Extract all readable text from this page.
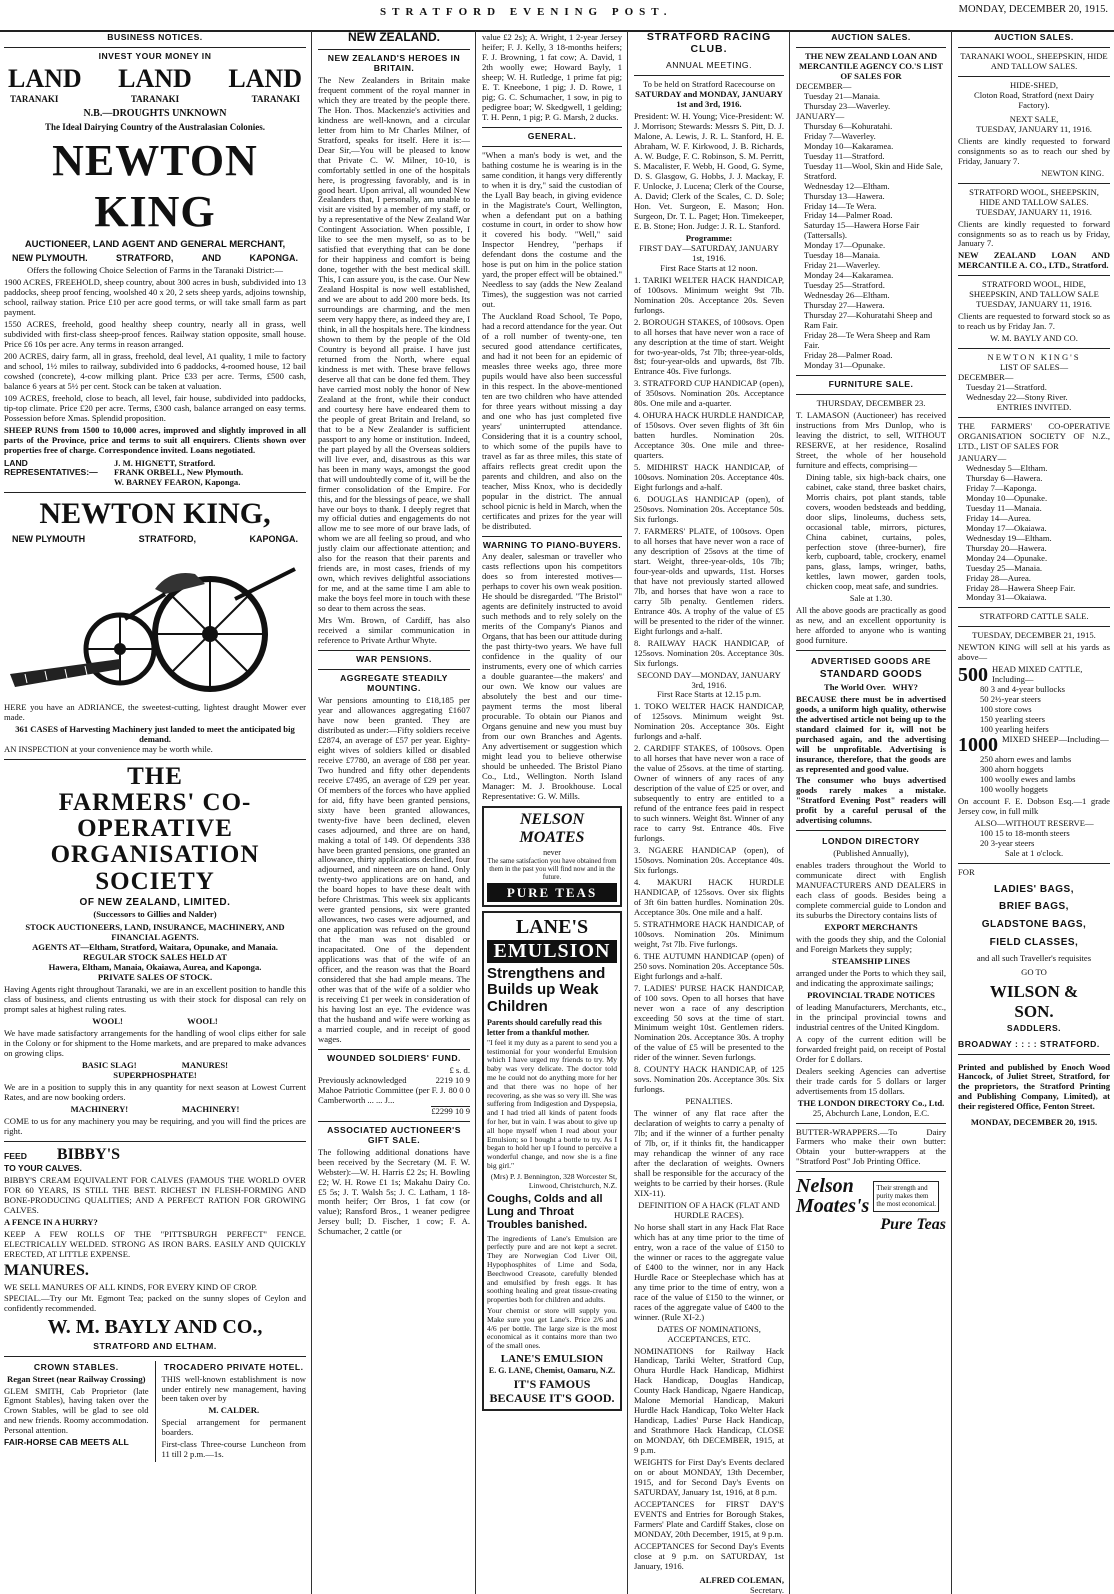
STRATFORD EVENING POST.	MONDAY, DECEMBER 20, 1915.
BUSINESS NOTICES.
INVEST YOUR MONEY IN
LAND LAND LAND
TARANAKI	TARANAKI	TARANAKI
N.B.—DROUGHTS UNKNOWN
The Ideal Dairying Country of the Australasian Colonies.
NEWTON KING
AUCTIONEER, LAND AGENT AND GENERAL MERCHANT,
NEW PLYMOUTH.	STRATFORD,	AND	KAPONGA.
Offers the following Choice Selection of Farms in the Taranaki District:—
1900 ACRES, FREEHOLD, sheep country, about 300 acres in bush, subdivided into 13 paddocks, sheep proof fencing, woolshed 40 x 20, 2 sets sheep yards, adjoins township, school, railway station. Price £10 per acre good terms, or will take small farm as part payment.
1550 ACRES, freehold, good healthy sheep country, nearly all in grass, well subdivided with first-class sheep-proof fences. Railway station opposite, small house. Price £6 10s per acre. Any terms in reason arranged.
200 ACRES, dairy farm, all in grass, freehold, deal level, A1 quality, 1 mile to factory and school, 1½ miles to railway, subdivided into 6 paddocks, 4-roomed house, 12 bail cowshed (concrete), 4-cow milking plant. Price £33 per acre. Terms, £500 cash, balance 6 years at 5½ per cent. Stock can be taken at valuation.
109 ACRES, freehold, close to beach, all level, fair house, subdivided into paddocks, tip-top climate. Price £20 per acre. Terms, £300 cash, balance arranged on easy terms. Possession before Xmas. Splendid proposition.
SHEEP RUNS from 1500 to 10,000 acres, improved and slightly improved in all parts of the Province, price and terms to suit all enquirers. Clients shown over properties free of charge. Correspondence invited. Loans negotiated.
LAND REPRESENTATIVES:—
J. M. HIGNETT, Stratford.
FRANK ORBELL, New Plymouth.
W. BARNEY FEARON, Kaponga.
NEWTON KING,
NEW PLYMOUTH	STRATFORD,	KAPONGA.
HERE you have an ADRIANCE, the sweetest-cutting, lightest draught Mower ever made.
361 CASES of Harvesting Machinery just landed to meet the anticipated big demand.
AN INSPECTION at your convenience may be worth while.
THE
FARMERS' CO-OPERATIVE
ORGANISATION SOCIETY
OF NEW ZEALAND, LIMITED.
(Successors to Gillies and Nalder)
STOCK AUCTIONEERS, LAND, INSURANCE, MACHINERY, AND FINANCIAL AGENTS.
AGENTS AT—Eltham, Stratford, Waitara, Opunake, and Manaia.
REGULAR STOCK SALES HELD AT
Hawera, Eltham, Manaia, Okaiawa, Aurea, and Kaponga.
PRIVATE SALES OF STOCK.
Having Agents right throughout Taranaki, we are in an excellent position to handle this class of business, and clients entrusting us with their stock for disposal can rely on prompt sales at highest ruling rates.
WOOL!                              WOOL!
We have made satisfactory arrangements for the handling of wool clips either for sale in the Colony or for shipment to the Home markets, and are prepared to make advances on growing clips.
BASIC SLAG!                     MANURES!
SUPERPHOSPHATE!
We are in a position to supply this in any quantity for next season at Lowest Current Rates, and are now booking orders.
MACHINERY!                         MACHINERY!
COME to us for any machinery you may be requiring, and you will find the prices are right.
FEED BIBBY'S
TO YOUR CALVES.
BIBBY'S CREAM EQUIVALENT FOR CALVES (FAMOUS THE WORLD OVER FOR 60 YEARS, IS STILL THE BEST. RICHEST IN FLESH-FORMING AND BONE-PRODUCING QUALITIES; AND A PERFECT RATION FOR GROWING CALVES.
A FENCE IN A HURRY?
KEEP A FEW ROLLS OF THE "PITTSBURGH PERFECT" FENCE. ELECTRICALLY WELDED. STRONG AS IRON BARS. EASILY AND QUICKLY ERECTED, AT LITTLE EXPENSE.
MANURES.
WE SELL MANURES OF ALL KINDS, FOR EVERY KIND OF CROP.
SPECIAL.—Try our Mt. Egmont Tea; packed on the sunny slopes of Ceylon and confidently recommended.
W. M. BAYLY AND CO.,
STRATFORD AND ELTHAM.
CROWN STABLES.
Regan Street (near Railway Crossing)
GLEM SMITH, Cab Proprietor (late Egmont Stables), having taken over the Crown Stables, will be glad to see old and new friends. Roomy accommodation. Personal attention.
FAIR-HORSE CAB MEETS ALL
TROCADERO PRIVATE HOTEL.
THIS well-known establishment is now under entirely new management, having been taken over by
M. CALDER.
Special arrangement for permanent boarders.
First-class Three-course Luncheon from 11 till 2 p.m.—1s.
NEW ZEALAND.
NEW ZEALAND'S HEROES IN BRITAIN.
The New Zealanders in Britain make frequent comment of the royal manner in which they are treated by the people there. The Hon. Thos. Mackenzie's activities and kindness are well-known, and a circular letter from him to Mr Charles Milner, of Stratford, speaks for itself. Here it is:—Dear Sir,—You will be pleased to know that Private C. W. Milner, 10-10, is comfortably settled in one of the hospitals here, is progressing favorably, and is in good heart. Upon arrival, all wounded New Zealanders that, I personally, am unable to visit are visited by a member of my staff, or by a representative of the New Zealand War Contingent Association. When possible, I like to see the men myself, so as to be satisfied that everything that can be done for their happiness and comfort is being done, together with the best medical skill. This, I can assure you, is the case. Our New Zealand Hospital is now well established, and we are about to add 200 more beds. Its surroundings are charming, and the men seem very happy there, as indeed they are, I think, in all the hospitals here. The kindness shown to them by the people of the Old Country is beyond all praise. I have just returned from the North, where equal kindness is met with. These brave fellows deserve all that can be done fed them. They have carried most nobly the honor of New Zealand at the front, while their conduct and courtesy here have endeared them to the people of great Britain and Ireland, so that to be a New Zealander is sufficient passport to any home or institution. Indeed, the part played by all the Overseas soldiers will live ever, and, disastrous as this war has been in many ways, amongst the good that will undoubtedly come of it, will be the firmer consolidation of the Empire. For this, and for the blessings of peace, we shall have our boys to thank. I deeply regret that my official duties and engagements do not allow me to see more of our brave lads, of whom we are all feeling so proud, and who justly claim our affectionate attention; and also for the reason that their parents and friends are, in most cases, friends of my own, which revives delightful associations for me, and at the same time I am able to make the boys feel more in touch with these so dear to them across the seas.
Mrs Wm. Brown, of Cardiff, has also received a similar communication in reference to Private Arthur Whyte.
WAR PENSIONS.
AGGREGATE STEADILY MOUNTING.
War pensions amounting to £18,185 per year and allowances aggregating £1607 have now been granted. They are distributed as under:—Fifty soldiers receive £2874, an average of £57 per year. Eighty-eight wives of soldiers killed or disabled receive £7780, an average of £88 per year. Two hundred and fifty other dependents receive £7495, an average of £29 per year. Of members of the forces who have applied for aid, fifty have been granted pensions, sixty have been granted allowances, twenty-five have been declined, eleven cases adjourned, and three are on hand, making a total of 149. Of dependents 338 have been granted pensions, one granted an allowance, thirty applications declined, four adjourned, and nineteen are on hand. Only twenty-two applications are on hand, and the board hopes to have these dealt with before Christmas. This week six applicants were granted pensions, six were granted allowances, two cases were adjourned, and one application was refused on the ground that the man was not disabled or incapacitated. One of the dependent applications was that of the wife of an officer, and the reason was that the Board considered that she had ample means. The other was that of the wife of a soldier who is receiving £1 per week in consideration of his having lost an eye. The evidence was that the husband and wife were working as a married couple, and in receipt of good wages.
WOUNDED SOLDIERS' FUND.
£ s. d.
Previously acknowledged	2219 10 9
Mahoe Patriotic Committee (per F. J. Camberworth ... ... J...
80 0 0
£2299 10 9
ASSOCIATED AUCTIONEER'S GIFT SALE.
The following additional donations have been received by the Secretary (M. F. W. Webster):—W. H. Harris £2 2s; H. Bowling £2; W. H. Rowe £1 1s; Makahu Dairy Co. £5 5s; J. T. Walsh 5s; J. C. Latham, 1 18-month heifer; Orr Bros, 1 fat cow (or value); Ransford Bros., 1 weaner pedigree Jersey bull; D. Fischer, 1 cow; F. A. Schumacher, 2 cattle (or
value £2 2s); A. Wright, 1 2-year Jersey heifer; F. J. Kelly, 3 18-months heifers; F. J. Browning, 1 fat cow; A. David, 1 2th woolly ewe; Howard Bayly, 1 sheep; W. H. Rutledge, 1 prime fat pig; E. T. Kneebone, 1 pig; J. D. Rowe, 1 pig; G. C. Schumacher, 1 sow, in pig to pedigree boar; W. Skedgwell, 1 gelding; T. H. Penn, 1 pig; P. G. Marsh, 2 ducks.
GENERAL.
"When a man's body is wet, and the bathing costume he is wearing is in the same condition, it hangs very differently to when it is dry," said the custodian of the Lyall Bay beach, in giving evidence in the Magistrate's Court, Wellington, when a defendant put on a bathing costume in court, in order to show how it covered his body. "Well," said Inspector Hendrey, "perhaps if defendant dons the costume and the hose is put on him in the police station yard, the proper effect will be obtained." Needless to say (adds the New Zealand Times), the suggestion was not carried out.
The Auckland Road School, Te Popo, had a record attendance for the year. Out of a roll number of twenty-one, ten secured good attendance certificates, and had it not been for an epidemic of measles three weeks ago, three more pupils would have also been successful in this respect. In the above-mentioned ten are two children who have attended for three years without missing a day and one who has just completed five years' uninterrupted attendance. Considering that it is a country school, to which some of the pupils have to travel as far as three miles, this state of affairs reflects great credit upon the parents and children, and also on the teacher, Miss Knox, who is decidedly popular in the district. The annual school picnic is held in March, when the certificates and prizes for the year will be distributed.
WARNING TO PIANO-BUYERS.
Any dealer, salesman or traveller who casts reflections upon his competitors does so from interested motives—perhaps to cover his own weak position. He should be disregarded. "The Bristol" agents are definitely instructed to avoid such methods and to rely solely on the merits of the Company's Pianos and Organs, that has been our attitude during the past thirty-two years. We have full confidence in the quality of our instruments, every one of which carries a double guarantee—the makers' and our own. We know our values are absolutely the best and our time-payment terms the most liberal procurable. To obtain our Pianos and Organs genuine and new you must buy from our own Branches and Agents. Any advertisement or suggestion which might lead you to believe otherwise should be unheeded. The Bristol Piano Co., Ltd., Wellington. North Island Manager: M. J. Brookhouse. Local Representative: G. W. Mills.
NELSON MOATES
never
The same satisfaction you have obtained from them in the past you will find now and in the future.
PURE TEAS
LANE'S
EMULSION
Strengthens and Builds up Weak Children
Parents should carefully read this letter from a thankful mother.
"I feel it my duty as a parent to send you a testimonial for your wonderful Emulsion which I have urged my friends to try. My baby was very delicate. The doctor told me he could not do anything more for her and that there was no hope of her recovering, as she was so very ill. She was suffering from Indigestion and Dyspepsia, and I had tried all kinds of patent foods for her, but in vain. I was about to give up all hope myself when I read about your Emulsion; so I bought a bottle to try. As I began to hold her up I found to perceive a wonderful change, and now she is a fine big girl."
(Mrs) P. J. Bennington, 328 Worcester St, Linwood, Christchurch, N.Z.
Coughs, Colds and all Lung and Throat Troubles banished.
The ingredients of Lane's Emulsion are perfectly pure and are not kept a secret. They are Norwegian Cod Liver Oil, Hypophosphites of Lime and Soda, Beechwood Creasote, carefully blended and emulsified by fresh eggs. It has soothing healing and great tissue-creating properties both for children and adults.
Your chemist or store will supply you. Make sure you get Lane's. Price 2/6 and 4/6 per bottle. The large size is the most economical as it contains more than two of the small ones.
LANE'S EMULSION
E. G. LANE, Chemist, Oamaru, N.Z.
IT'S FAMOUS BECAUSE IT'S GOOD.
STRATFORD RACING CLUB.
ANNUAL MEETING.
To be held on Stratford Racecourse on
SATURDAY and MONDAY, JANUARY 1st and 3rd, 1916.
President: W. H. Young; Vice-President: W. J. Morrison; Stewards: Messrs S. Pitt, D. J. Malone, A. Lewis, J. R. L. Stanford, H. E. Abraham, W. F. Kirkwood, J. B. Richards, A. W. Budge, F. C. Robinson, S. M. Perritt, S. Macalister, F. Webb, H. Good, G. Syme, D. S. Glasgow, G. Hobbs, J. J. Mackay, F. F. Unlocke, J. Lucena; Clerk of the Course, A. David; Clerk of the Scales, C. D. Sole; Hon. Vet. Surgeon, E. Mason; Hon. Surgeon, Dr. T. L. Paget; Hon. Timekeeper, E. B. Stone; Hon. Judge: J. R. L. Stanford.
Programme:
FIRST DAY—SATURDAY, JANUARY 1st, 1916.
First Race Starts at 12 noon.
1. TARIKI WELTER HACK HANDICAP, of 100sovs. Minimum weight 9st 7lb. Nomination 20s. Acceptance 20s. Seven furlongs.
2. BOROUGH STAKES, of 100sovs. Open to all horses that have never won a race of any description at the time of start. Weight for two-year-olds, 7st 7lb; three-year-olds, 8st; four-year-olds and upwards, 8st 7lb. Entrance 40s. Five furlongs.
3. STRATFORD CUP HANDICAP (open), of 350sovs. Nomination 20s. Acceptance 80s. One mile and a-quarter.
4. OHURA HACK HURDLE HANDICAP, of 150sovs. Over seven flights of 3ft 6in batten hurdles. Nomination 20s. Acceptance 30s. One mile and three-quarters.
5. MIDHIRST HACK HANDICAP, of 100sovs. Nomination 20s. Acceptance 40s. Eight furlongs and a-half.
6. DOUGLAS HANDICAP (open), of 250sovs. Nomination 20s. Acceptance 50s. Six furlongs.
7. FARMERS' PLATE, of 100sovs. Open to all horses that have never won a race of any description of 25sovs at the time of start. Weight, three-year-olds, 10s 7lb; four-year-olds and upwards, 11st. Horses that have not previously started allowed 7lb, and horses that have won a race to carry 5lb penalty. Gentlemen riders. Entrance 40s. A trophy of the value of £5 will be presented to the rider of the winner. Eight furlongs and a-half.
8. RAILWAY HACK HANDICAP, of 125sovs. Nomination 20s. Acceptance 30s. Six furlongs.
SECOND DAY—MONDAY, JANUARY 3rd, 1916.
First Race Starts at 12.15 p.m.
1. TOKO WELTER HACK HANDICAP, of 125sovs. Minimum weight 9st. Nomination 20s. Acceptance 30s. Eight furlongs and a-half.
2. CARDIFF STAKES, of 100sovs. Open to all horses that have never won a race of the value of 25sovs. at the time of starting. Owner of winners of any races of any description of the value of £25 or over, and subsequently to entry are entitled to a refund of the entrance fees paid in respect to such winners. Weight 8st. Winner of any race to carry 9st. Entrance 40s. Five furlongs.
3. NGAERE HANDICAP (open), of 150sovs. Nomination 20s. Acceptance 40s. Six furlongs.
4. MAKURI HACK HURDLE HANDICAP, of 125sovs. Over six flights of 3ft 6in batten hurdles. Nomination 20s. Acceptance 30s. One mile and a half.
5. STRATHMORE HACK HANDICAP, of 100sovs. Nomination 20s. Minimum weight, 7st 7lb. Five furlongs.
6. THE AUTUMN HANDICAP (open) of 250 sovs. Nomination 20s. Acceptance 50s. Eight furlongs and a-half.
7. LADIES' PURSE HACK HANDICAP, of 100 sovs. Open to all horses that have never won a race of any description exceeding 50 sovs at the time of start. Minimum weight 10st. Gentlemen riders. Nomination 20s. Acceptance 30s. A trophy of the value of £5 will be presented to the rider of the winner. Seven furlongs.
8. COUNTY HACK HANDICAP, of 125 sovs. Nomination 20s. Acceptance 30s. Six furlongs.
PENALTIES.
The winner of any flat race after the declaration of weights to carry a penalty of 7lb; and if the winner of a further penalty of 7lb, or, if it thinks fit, the handicapper may rehandicap the winner of any race after the declaration of weights. Owners shall be responsible for the accuracy of the weights to be carried by their horses. (Rule XIX-11).
DEFINITION OF A HACK (FLAT AND HURDLE RACES).
No horse shall start in any Hack Flat Race which has at any time prior to the time of entry, won a race of the value of £150 to the winner or races to the aggregate value of £400 to the winner, nor in any Hack Hurdle Race or Steeplechase which has at any time prior to the time of entry, won a race of the value of £150 to the winner, or races of the aggregate value of £400 to the winner. (Rule XI-2.)
DATES OF NOMINATIONS, ACCEPTANCES, ETC.
NOMINATIONS for Railway Hack Handicap, Tariki Welter, Stratford Cup, Ohura Hurdle Hack Handicap, Midhirst Hack Handicap, Douglas Handicap, County Hack Handicap, Ngaere Handicap, Malone Memorial Handicap, Makuri Hurdle Hack Handicap, Toko Welter Hack Handicap, Ladies' Purse Hack Handicap, and Strathmore Hack Handicap, CLOSE on MONDAY, 6th DECEMBER, 1915, at 9 p.m.
WEIGHTS for First Day's Events declared on or about MONDAY, 13th December, 1915, and for Second Day's Events on SATURDAY, January 1st, 1916, at 8 p.m.
ACCEPTANCES for FIRST DAY'S EVENTS and Entries for Borough Stakes, Farmers' Plate and Cardiff Stakes, close on MONDAY, 20th December, 1915, at 9 p.m.
ACCEPTANCES for Second Day's Events close at 9 p.m. on SATURDAY, 1st January, 1916.
ALFRED COLEMAN,
Secretary.
AUCTION SALES.
THE NEW ZEALAND LOAN AND MERCANTILE AGENCY CO.'S LIST OF SALES FOR
DECEMBER—
Tuesday 21—Manaia.
Thursday 23—Waverley.
JANUARY—
Thursday 6—Kohuratahi.
Friday 7—Waverley.
Monday 10—Kakaramea.
Tuesday 11—Stratford.
Tuesday 11—Wool, Skin and Hide Sale, Stratford.
Wednesday 12—Eltham.
Thursday 13—Hawera.
Friday 14—Te Wera.
Friday 14—Palmer Road.
Saturday 15—Hawera Horse Fair (Tattersalls).
Monday 17—Opunake.
Tuesday 18—Manaia.
Friday 21—Waverley.
Monday 24—Kakaramea.
Tuesday 25—Stratford.
Wednesday 26—Eltham.
Thursday 27—Hawera.
Thursday 27—Kohuratahi Sheep and Ram Fair.
Friday 28—Te Wera Sheep and Ram Fair.
Friday 28—Palmer Road.
Monday 31—Opunake.
FURNITURE SALE.
THURSDAY, DECEMBER 23.
T. LAMASON (Auctioneer) has received instructions from Mrs Dunlop, who is leaving the district, to sell, WITHOUT RESERVE, at her residence, Rosalind Street, the whole of her household furniture and effects, comprising—
Dining table, six high-back chairs, one cabinet, cake stand, three basket chairs, Morris chairs, pot plant stands, table covers, wooden bedsteads and bedding, door slips, linoleums, duchess sets, occasional table, mirrors, pictures, China cabinet, curtains, poles, perfection stove (three-burner), fire kerb, cupboard, table, crockery, enamel pans, glass, lamps, wringer, baths, kettles, lawn mower, garden tools, chicken coop, meat safe, and sundries.
Sale at 1.30.
All the above goods are practically as good as new, and an excellent opportunity is here afforded to anyone who is wanting good furniture.
ADVERTISED GOODS ARE
STANDARD GOODS
The World Over.   WHY?
BECAUSE there must be in advertised goods, a uniform high quality, otherwise the advertised article not being up to the standard claimed for it, will not be purchased again, and the advertising will be unprofitable. Advertising is insurance, therefore, that the goods are as represented and good value.
The consumer who buys advertised goods rarely makes a mistake. "Stratford Evening Post" readers will profit by a careful perusal of the advertising columns.
LONDON DIRECTORY
(Published Annually),
enables traders throughout the World to communicate direct with English MANUFACTURERS AND DEALERS in each class of goods. Besides being a complete commercial guide to London and its suburbs the Directory contains lists of
EXPORT MERCHANTS
with the goods they ship, and the Colonial and Foreign Markets they supply;
STEAMSHIP LINES
arranged under the Ports to which they sail, and indicating the approximate sailings;
PROVINCIAL TRADE NOTICES
of leading Manufacturers, Merchants, etc., in the principal provincial towns and industrial centres of the United Kingdom.
A copy of the current edition will be forwarded freight paid, on receipt of Postal Order for £ dollars.
Dealers seeking Agencies can advertise their trade cards for 5 dollars or larger advertisements from 15 dollars.
THE LONDON DIRECTORY Co., Ltd.
25, Abchurch Lane, London, E.C.
BUTTER-WRAPPERS.—To Dairy Farmers who make their own butter: Obtain your butter-wrappers at the "Stratford Post" Job Printing Office.
Nelson
Moates's
Their strength and purity makes them the most economical.
Pure Teas
AUCTION SALES.
TARANAKI WOOL, SHEEPSKIN, HIDE AND TALLOW SALES.
HIDE-SHED,
Cloton Road, Stratford (next Dairy Factory).
NEXT SALE,
TUESDAY, JANUARY 11, 1916.
Clients are kindly requested to forward consignments so as to reach our shed by Friday, January 7.
NEWTON KING.
STRATFORD WOOL, SHEEPSKIN, HIDE AND TALLOW SALES.
TUESDAY, JANUARY 11, 1916.
Clients are kindly requested to forward consignments so as to reach us by Friday, January 7.
NEW ZEALAND LOAN AND MERCANTILE A. CO., LTD., Stratford.
STRATFORD WOOL, HIDE, SHEEPSKIN, AND TALLOW SALE
TUESDAY, JANUARY 11, 1916.
Clients are requested to forward stock so as to reach us by Friday Jan. 7.
W. M. BAYLY AND CO.
NEWTON KING'S
LIST OF SALES—
DECEMBER—
Tuesday 21—Stratford.
Wednesday 22—Stony River.
ENTRIES INVITED.
THE FARMERS' CO-OPERATIVE ORGANISATION SOCIETY OF N.Z., LTD., LIST OF SALES FOR
JANUARY—
Wednesday 5—Eltham.
Thursday 6—Hawera.
Friday 7—Kaponga.
Monday 10—Opunake.
Tuesday 11—Manaia.
Friday 14—Aurea.
Monday 17—Okaiawa.
Wednesday 19—Eltham.
Thursday 20—Hawera.
Monday 24—Opunake.
Tuesday 25—Manaia.
Friday 28—Aurea.
Friday 28—Hawera Sheep Fair.
Monday 31—Okaiawa.
STRATFORD CATTLE SALE.
TUESDAY, DECEMBER 21, 1915.
NEWTON KING will sell at his yards as above—
500 HEAD MIXED CATTLE, Including—
80 3 and 4-year bullocks
50 2½-year steers
100 store cows
150 yearling steers
100 yearling heifers
1000 MIXED SHEEP—Including—
250 ahorn ewes and lambs
300 ahorn hoggets
100 woolly ewes and lambs
100 woolly hoggets
On account F. E. Dobson Esq.—1 grade Jersey cow, in full milk
ALSO—WITHOUT RESERVE—
100 15 to 18-month steers
20 3-year steers
Sale at 1 o'clock.
FOR
LADIES' BAGS,
BRIEF BAGS,
GLADSTONE BAGS,
FIELD CLASSES,
and all such Traveller's requisites
GO TO
WILSON &
SON.
SADDLERS.
BROADWAY : : : : STRATFORD.
Printed and published by Enoch Wood Hancock, of Juliet Street, Stratford, for the proprietors, the Stratford Printing and Publishing Company, Limited), at their registered Office, Fenton Street.
MONDAY, DECEMBER 20, 1915.
